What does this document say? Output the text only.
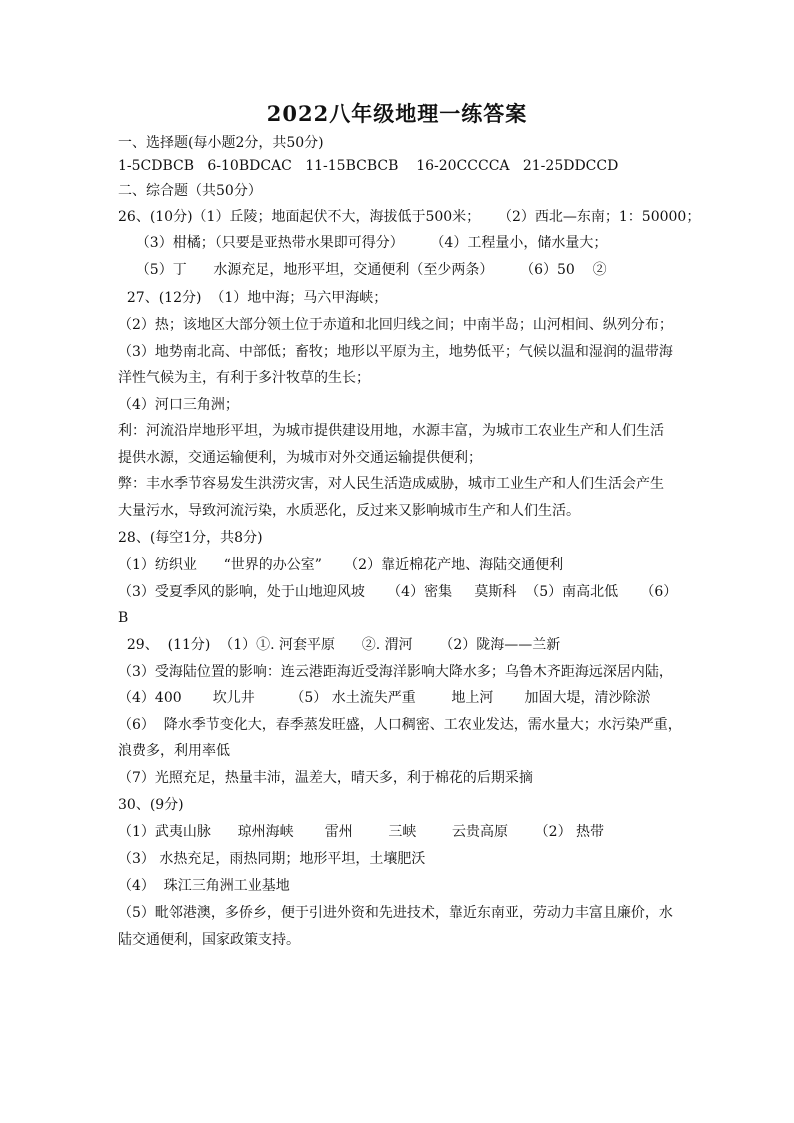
2022八年级地理一练答案
一、选择题(每小题2分，共50分)
1-5CDBCB   6-10BDCAC   11-15BCBCB    16-20CCCCA   21-25DDCCD
二、综合题（共50分）
26、(10分)（1）丘陵；地面起伏不大，海拔低于500米；    （2）西北—东南；1：50000；
（3）柑橘；（只要是亚热带水果即可得分）      （4）工程量小，储水量大；
（5）丁      水源充足，地形平坦，交通便利（至少两条）      （6）50    ②
27、(12分)  （1）地中海；马六甲海峡；
（2）热；该地区大部分领土位于赤道和北回归线之间；中南半岛；山河相间、纵列分布；
（3）地势南北高、中部低；畜牧；地形以平原为主，地势低平；气候以温和湿润的温带海
洋性气候为主，有利于多汁牧草的生长；
（4）河口三角洲；
利：河流沿岸地形平坦，为城市提供建设用地，水源丰富，为城市工农业生产和人们生活
提供水源，交通运输便利，为城市对外交通运输提供便利；
弊：丰水季节容易发生洪涝灾害，对人民生活造成威胁，城市工业生产和人们生活会产生
大量污水，导致河流污染，水质恶化，反过来又影响城市生产和人们生活。
28、(每空1分，共8分)
（1）纺织业      “世界的办公室”     （2）靠近棉花产地、海陆交通便利
（3）受夏季风的影响，处于山地迎风坡     （4）密集     莫斯科  （5）南高北低     （6）
B
29、  (11分)  （1）①. 河套平原      ②. 渭河      （2）陇海——兰新
（3）受海陆位置的影响：连云港距海近受海洋影响大降水多；乌鲁木齐距海远深居内陆，
（4）400       坎儿井        （5） 水土流失严重        地上河       加固大堤，清沙除淤
（6）  降水季节变化大，春季蒸发旺盛，人口稠密、工农业发达，需水量大；水污染严重，
浪费多，利用率低
（7）光照充足，热量丰沛，温差大，晴天多，利于棉花的后期采摘
30、(9分)
（1）武夷山脉      琼州海峡       雷州        三峡        云贵高原      （2） 热带
（3） 水热充足，雨热同期；地形平坦，土壤肥沃
（4）  珠江三角洲工业基地
（5）毗邻港澳，多侨乡，便于引进外资和先进技术，靠近东南亚，劳动力丰富且廉价，水
陆交通便利，国家政策支持。
